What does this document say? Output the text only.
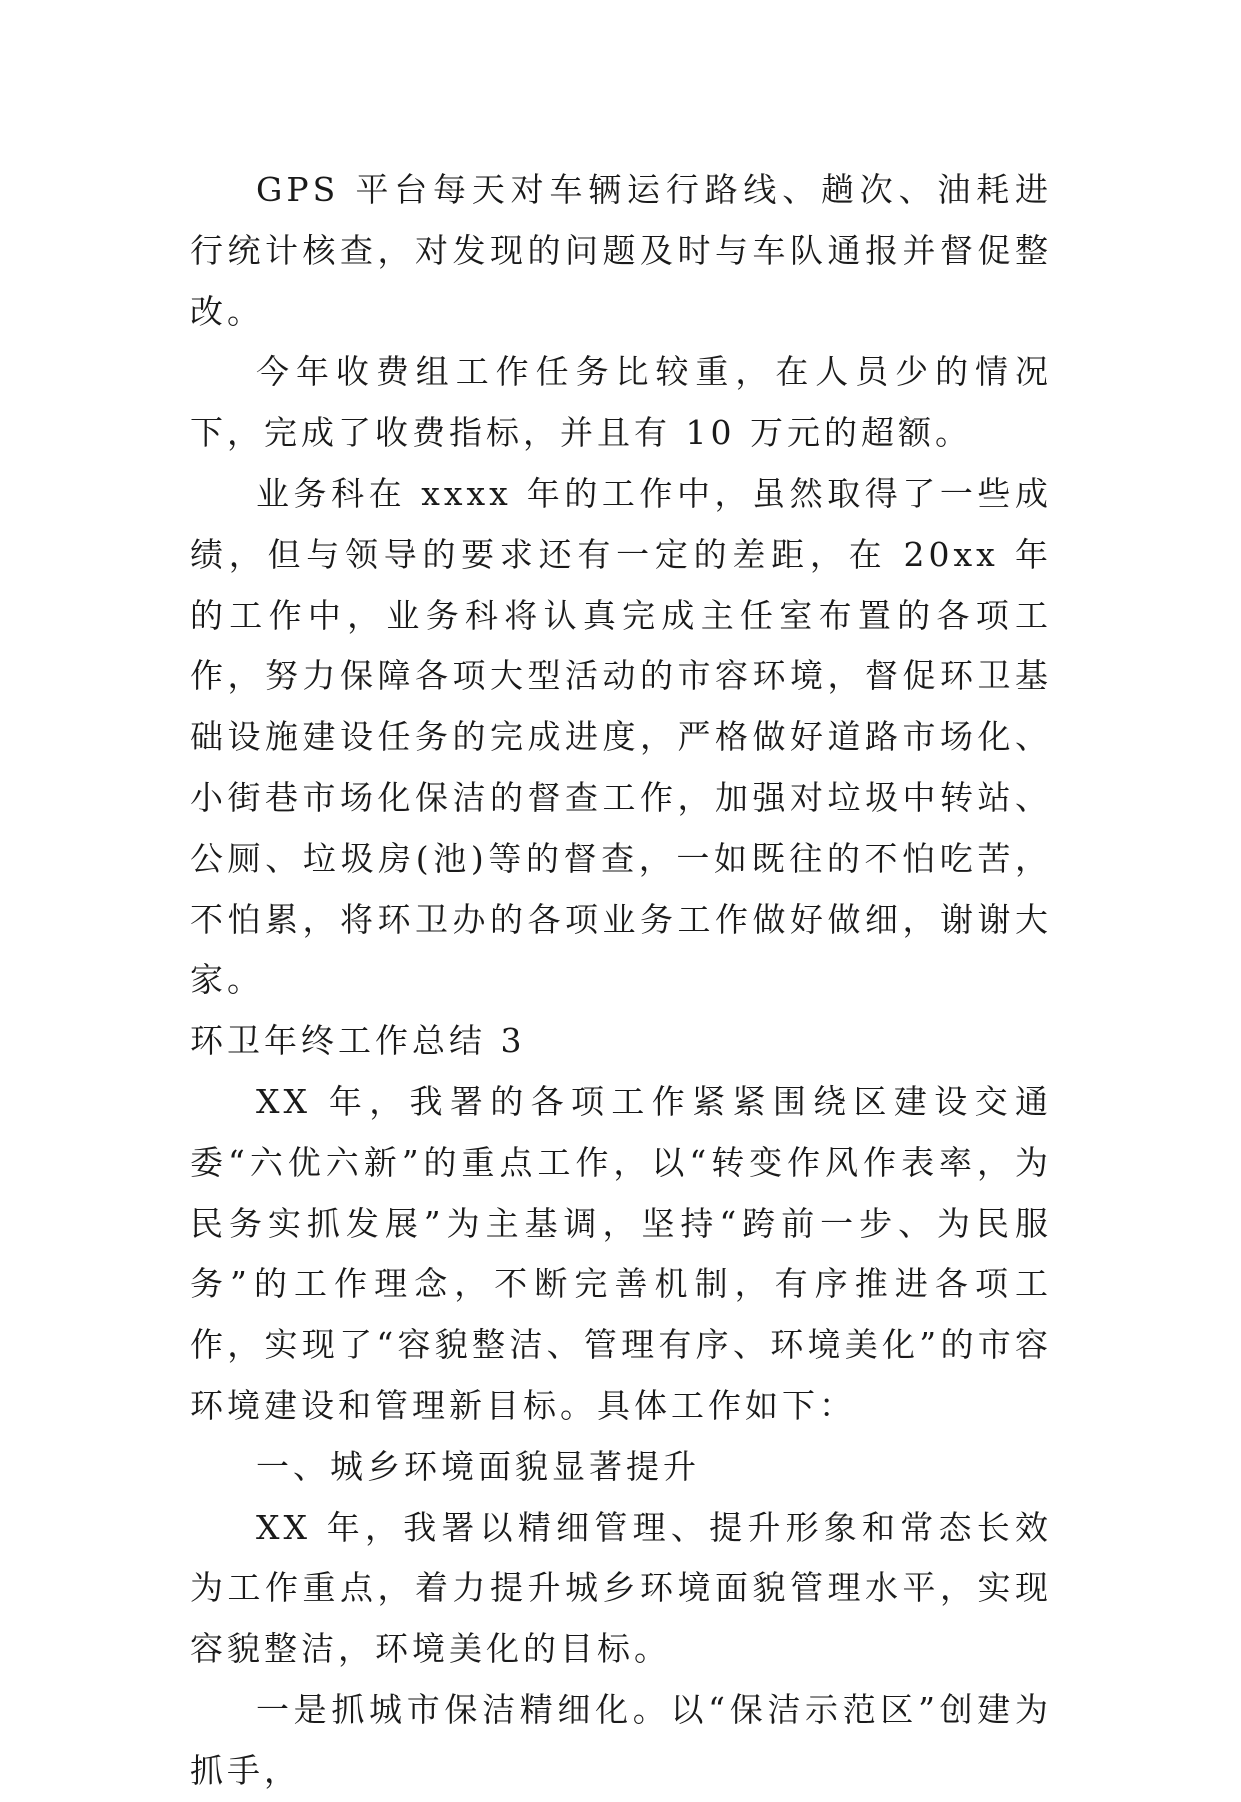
GPS 平台每天对车辆运行路线、趟次、油耗进行统计核查，对发现的问题及时与车队通报并督促整改。

今年收费组工作任务比较重，在人员少的情况下，完成了收费指标，并且有 10 万元的超额。

业务科在 xxxx 年的工作中，虽然取得了一些成绩，但与领导的要求还有一定的差距，在 20xx 年的工作中，业务科将认真完成主任室布置的各项工作，努力保障各项大型活动的市容环境，督促环卫基础设施建设任务的完成进度，严格做好道路市场化、小街巷市场化保洁的督查工作，加强对垃圾中转站、公厕、垃圾房(池)等的督查，一如既往的不怕吃苦，不怕累，将环卫办的各项业务工作做好做细，谢谢大家。

环卫年终工作总结 3

XX 年，我署的各项工作紧紧围绕区建设交通委“六优六新”的重点工作，以“转变作风作表率，为民务实抓发展”为主基调，坚持“跨前一步、为民服务”的工作理念，不断完善机制，有序推进各项工作，实现了“容貌整洁、管理有序、环境美化”的市容环境建设和管理新目标。具体工作如下：

一、城乡环境面貌显著提升

XX 年，我署以精细管理、提升形象和常态长效为工作重点，着力提升城乡环境面貌管理水平，实现容貌整洁，环境美化的目标。

一是抓城市保洁精细化。以“保洁示范区”创建为抓手，
